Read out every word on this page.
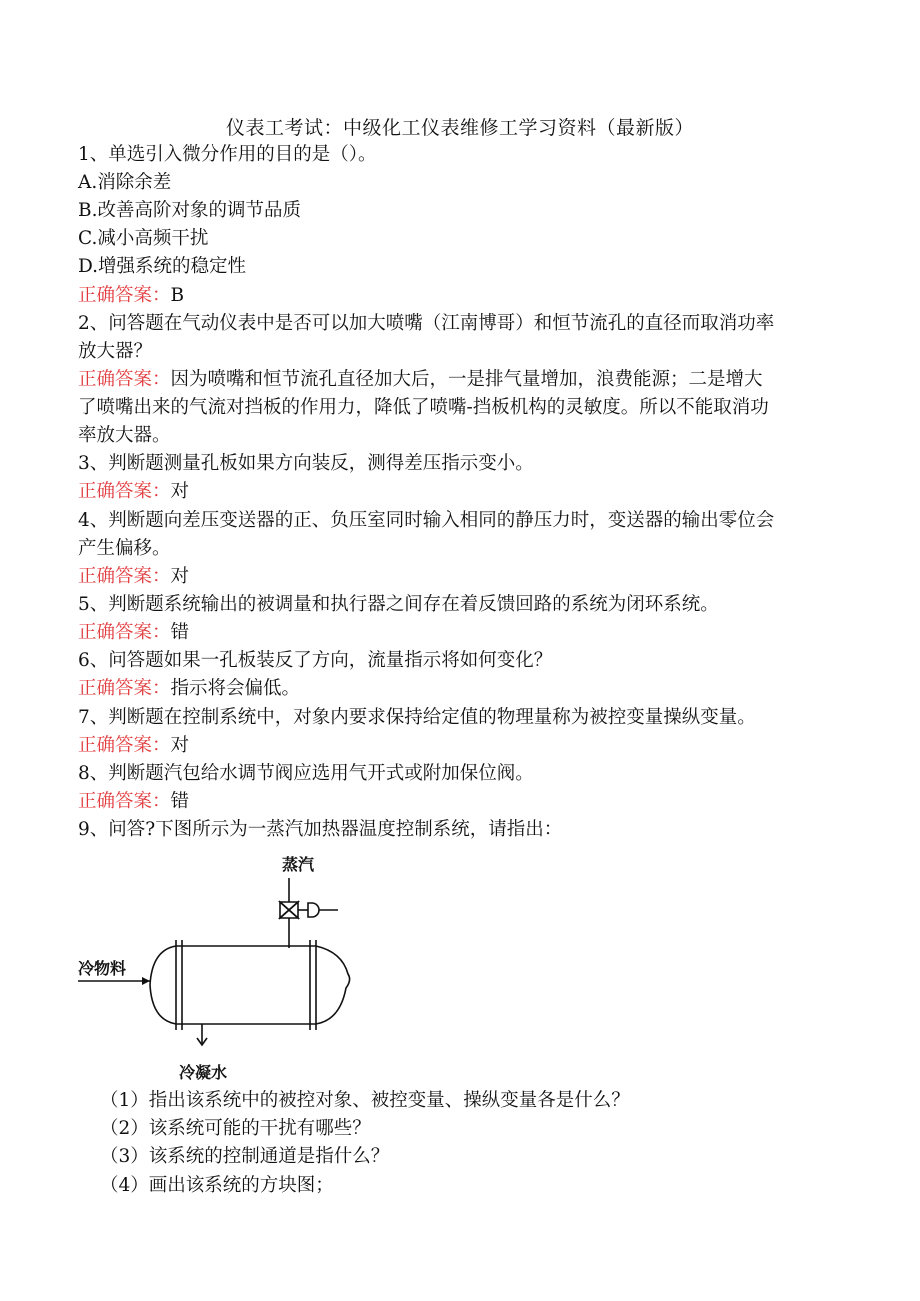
仪表工考试：中级化工仪表维修工学习资料（最新版）
1、单选引入微分作用的目的是（）。
A.消除余差
B.改善高阶对象的调节品质
C.减小高频干扰
D.增强系统的稳定性
正确答案：B
2、问答题在气动仪表中是否可以加大喷嘴（江南博哥）和恒节流孔的直径而取消功率
放大器？
正确答案：因为喷嘴和恒节流孔直径加大后，一是排气量增加，浪费能源；二是增大
了喷嘴出来的气流对挡板的作用力，降低了喷嘴-挡板机构的灵敏度。所以不能取消功
率放大器。
3、判断题测量孔板如果方向装反，测得差压指示变小。
正确答案：对
4、判断题向差压变送器的正、负压室同时输入相同的静压力时，变送器的输出零位会
产生偏移。
正确答案：对
5、判断题系统输出的被调量和执行器之间存在着反馈回路的系统为闭环系统。
正确答案：错
6、问答题如果一孔板装反了方向，流量指示将如何变化？
正确答案：指示将会偏低。
7、判断题在控制系统中，对象内要求保持给定值的物理量称为被控变量操纵变量。
正确答案：对
8、判断题汽包给水调节阀应选用气开式或附加保位阀。
正确答案：错
9、问答?下图所示为一蒸汽加热器温度控制系统，请指出：
蒸汽
冷物料
冷凝水
（1）指出该系统中的被控对象、被控变量、操纵变量各是什么？
（2）该系统可能的干扰有哪些？
（3）该系统的控制通道是指什么？
（4）画出该系统的方块图；
